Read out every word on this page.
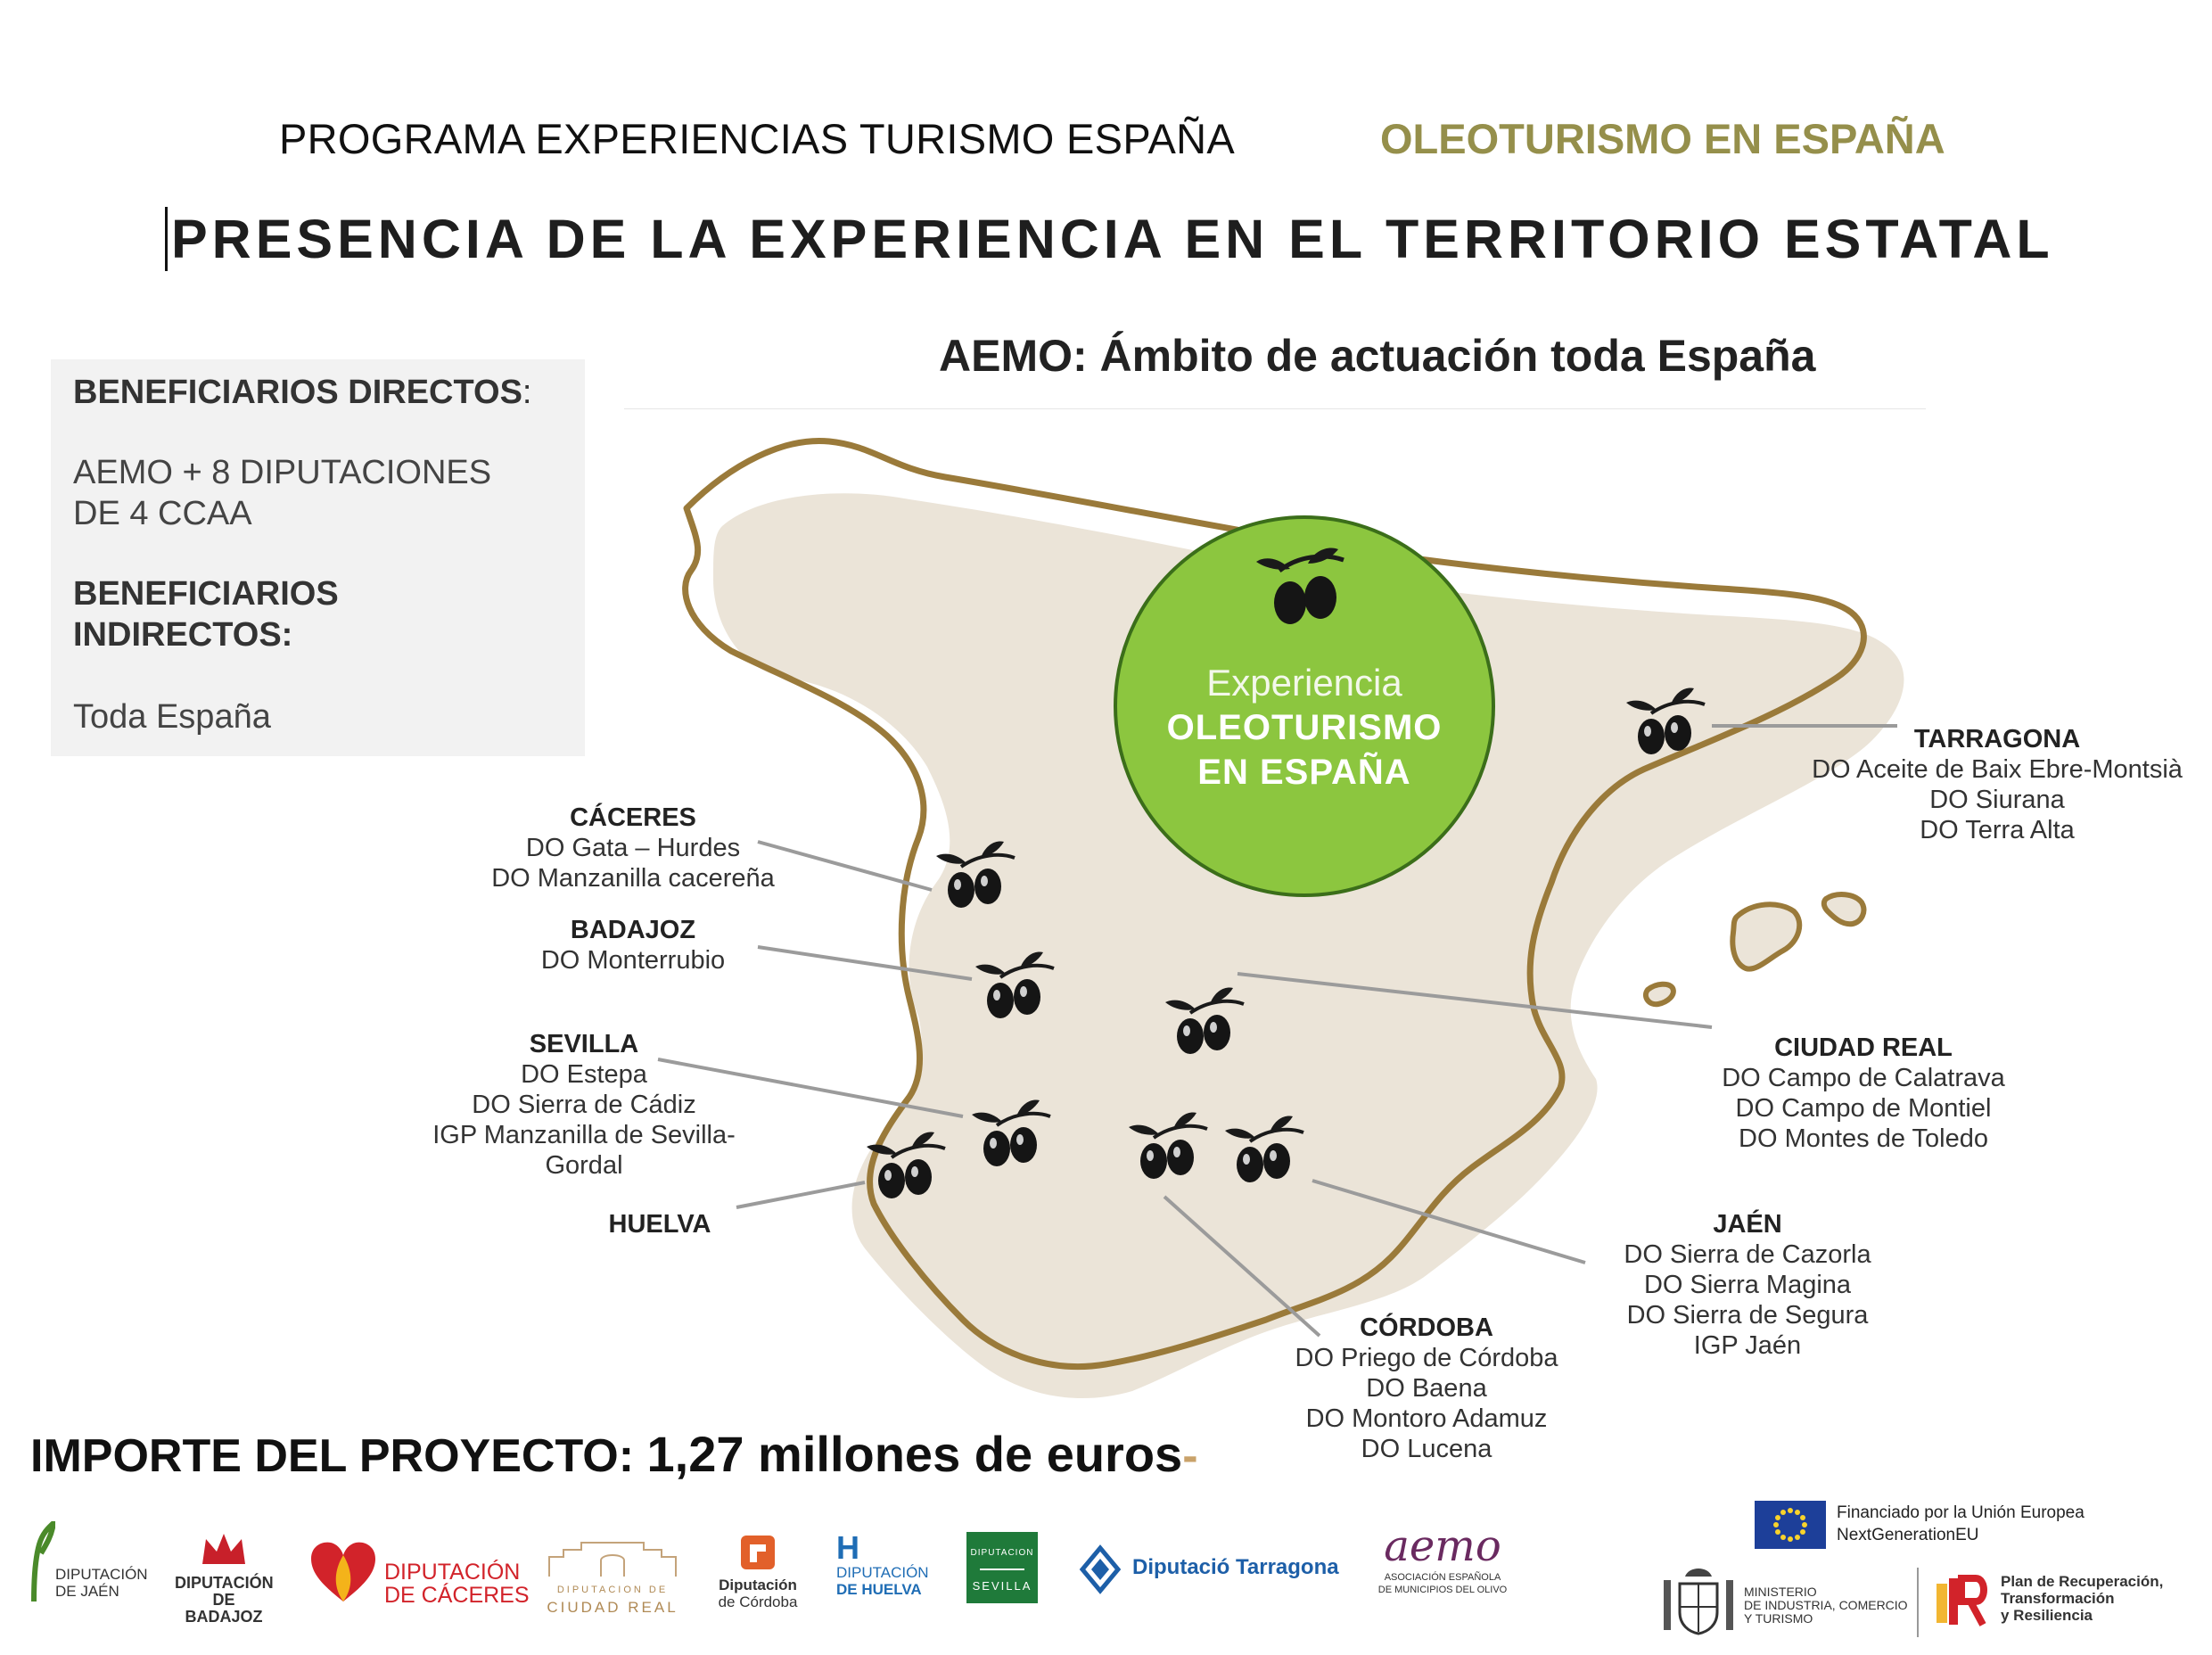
PROGRAMA EXPERIENCIAS TURISMO ESPAÑA	OLEOTURISMO EN ESPAÑA
PRESENCIA DE LA EXPERIENCIA EN EL TERRITORIO ESTATAL
AEMO: Ámbito de actuación toda España
BENEFICIARIOS DIRECTOS:
AEMO + 8 DIPUTACIONES
DE 4 CCAA
BENEFICIARIOS
INDIRECTOS:
Toda España
Experiencia
OLEOTURISMO
EN ESPAÑA
CÁCERES
DO Gata – Hurdes
DO Manzanilla cacereña
BADAJOZ
DO Monterrubio
SEVILLA
DO Estepa
DO Sierra de Cádiz
IGP Manzanilla de Sevilla-
Gordal
HUELVA
TARRAGONA
DO Aceite de Baix Ebre-Montsià
DO Siurana
DO Terra Alta
CIUDAD REAL
DO Campo de Calatrava
DO Campo de Montiel
DO Montes de Toledo
JAÉN
DO Sierra de Cazorla
DO Sierra Magina
DO Sierra de Segura
IGP Jaén
CÓRDOBA
DO Priego de Córdoba
DO Baena
DO Montoro Adamuz
DO Lucena
IMPORTE DEL PROYECTO: 1,27 millones de euros-
DIPUTACIÓN
DE JAÉN	DIPUTACIÓN
DE BADAJOZ
DIPUTACIÓN
DE CÁCERES	DIPUTACION DE
CIUDAD REAL
Diputación
de Córdoba
H
DIPUTACIÓN
DE HUELVA
DIPUTACION
SEVILLA
Diputació Tarragona	aemo
ASOCIACIÓN ESPAÑOLA
DE MUNICIPIOS DEL OLIVO
Financiado por la Unión Europea
NextGenerationEU
MINISTERIO
DE INDUSTRIA, COMERCIO
Y TURISMO
Plan de Recuperación,
Transformación
y Resiliencia
